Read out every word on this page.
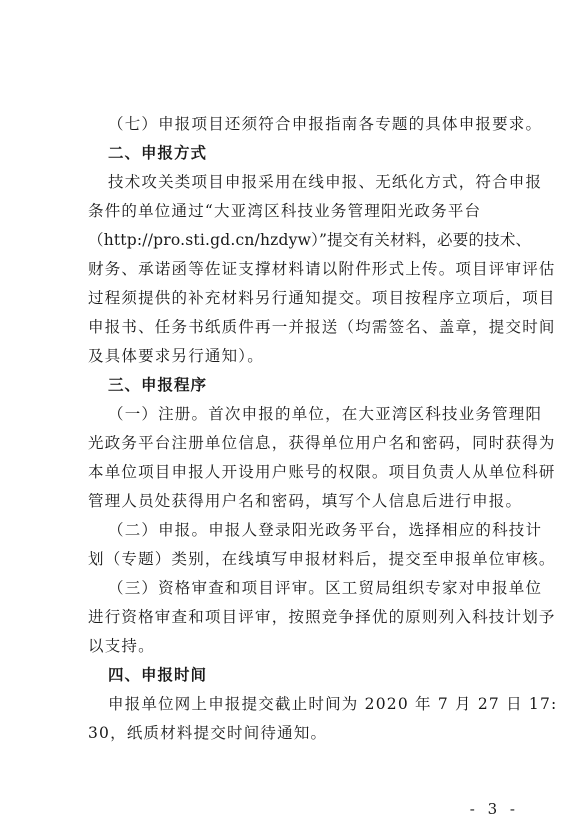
（七）申报项目还须符合申报指南各专题的具体申报要求。
二、申报方式
技术攻关类项目申报采用在线申报、无纸化方式，符合申报
条件的单位通过“大亚湾区科技业务管理阳光政务平台
（http://pro.sti.gd.cn/hzdyw）”提交有关材料，必要的技术、
财务、承诺函等佐证支撑材料请以附件形式上传。项目评审评估
过程须提供的补充材料另行通知提交。项目按程序立项后，项目
申报书、任务书纸质件再一并报送（均需签名、盖章，提交时间
及具体要求另行通知）。
三、申报程序
（一）注册。首次申报的单位，在大亚湾区科技业务管理阳
光政务平台注册单位信息，获得单位用户名和密码，同时获得为
本单位项目申报人开设用户账号的权限。项目负责人从单位科研
管理人员处获得用户名和密码，填写个人信息后进行申报。
（二）申报。申报人登录阳光政务平台，选择相应的科技计
划（专题）类别，在线填写申报材料后，提交至申报单位审核。
（三）资格审查和项目评审。区工贸局组织专家对申报单位
进行资格审查和项目评审，按照竞争择优的原则列入科技计划予
以支持。
四、申报时间
申报单位网上申报提交截止时间为 2020 年 7 月 27 日 17:
30，纸质材料提交时间待通知。
- 3 -
